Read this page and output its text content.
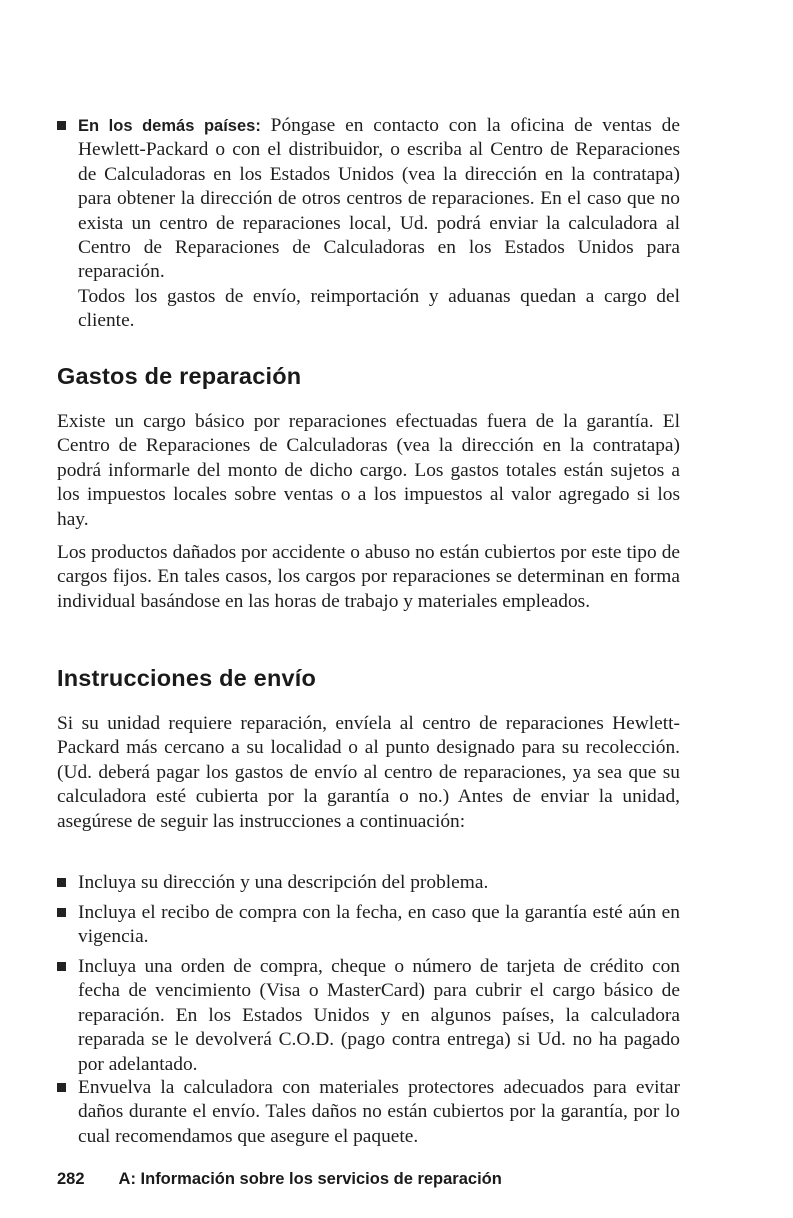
En los demás países: Póngase en contacto con la oficina de ventas de Hewlett-Packard o con el distribuidor, o escriba al Centro de Reparaciones de Calculadoras en los Estados Unidos (vea la dirección en la contratapa) para obtener la dirección de otros centros de reparaciones. En el caso que no exista un centro de reparaciones local, Ud. podrá enviar la calculadora al Centro de Reparaciones de Calculadoras en los Estados Unidos para reparación.

Todos los gastos de envío, reimportación y aduanas quedan a cargo del cliente.

Gastos de reparación

Existe un cargo básico por reparaciones efectuadas fuera de la garantía. El Centro de Reparaciones de Calculadoras (vea la dirección en la contratapa) podrá informarle del monto de dicho cargo. Los gastos totales están sujetos a los impuestos locales sobre ventas o a los impuestos al valor agregado si los hay.

Los productos dañados por accidente o abuso no están cubiertos por este tipo de cargos fijos. En tales casos, los cargos por reparaciones se determinan en forma individual basándose en las horas de trabajo y materiales empleados.

Instrucciones de envío

Si su unidad requiere reparación, envíela al centro de reparaciones Hewlett-Packard más cercano a su localidad o al punto designado para su recolección. (Ud. deberá pagar los gastos de envío al centro de reparaciones, ya sea que su calculadora esté cubierta por la garantía o no.) Antes de enviar la unidad, asegúrese de seguir las instrucciones a continuación:

Incluya su dirección y una descripción del problema.
Incluya el recibo de compra con la fecha, en caso que la garantía esté aún en vigencia.
Incluya una orden de compra, cheque o número de tarjeta de crédito con fecha de vencimiento (Visa o MasterCard) para cubrir el cargo básico de reparación. En los Estados Unidos y en algunos países, la calculadora reparada se le devolverá C.O.D. (pago contra entrega) si Ud. no ha pagado por adelantado.
Envuelva la calculadora con materiales protectores adecuados para evitar daños durante el envío. Tales daños no están cubiertos por la garantía, por lo cual recomendamos que asegure el paquete.
282 A: Información sobre los servicios de reparación
